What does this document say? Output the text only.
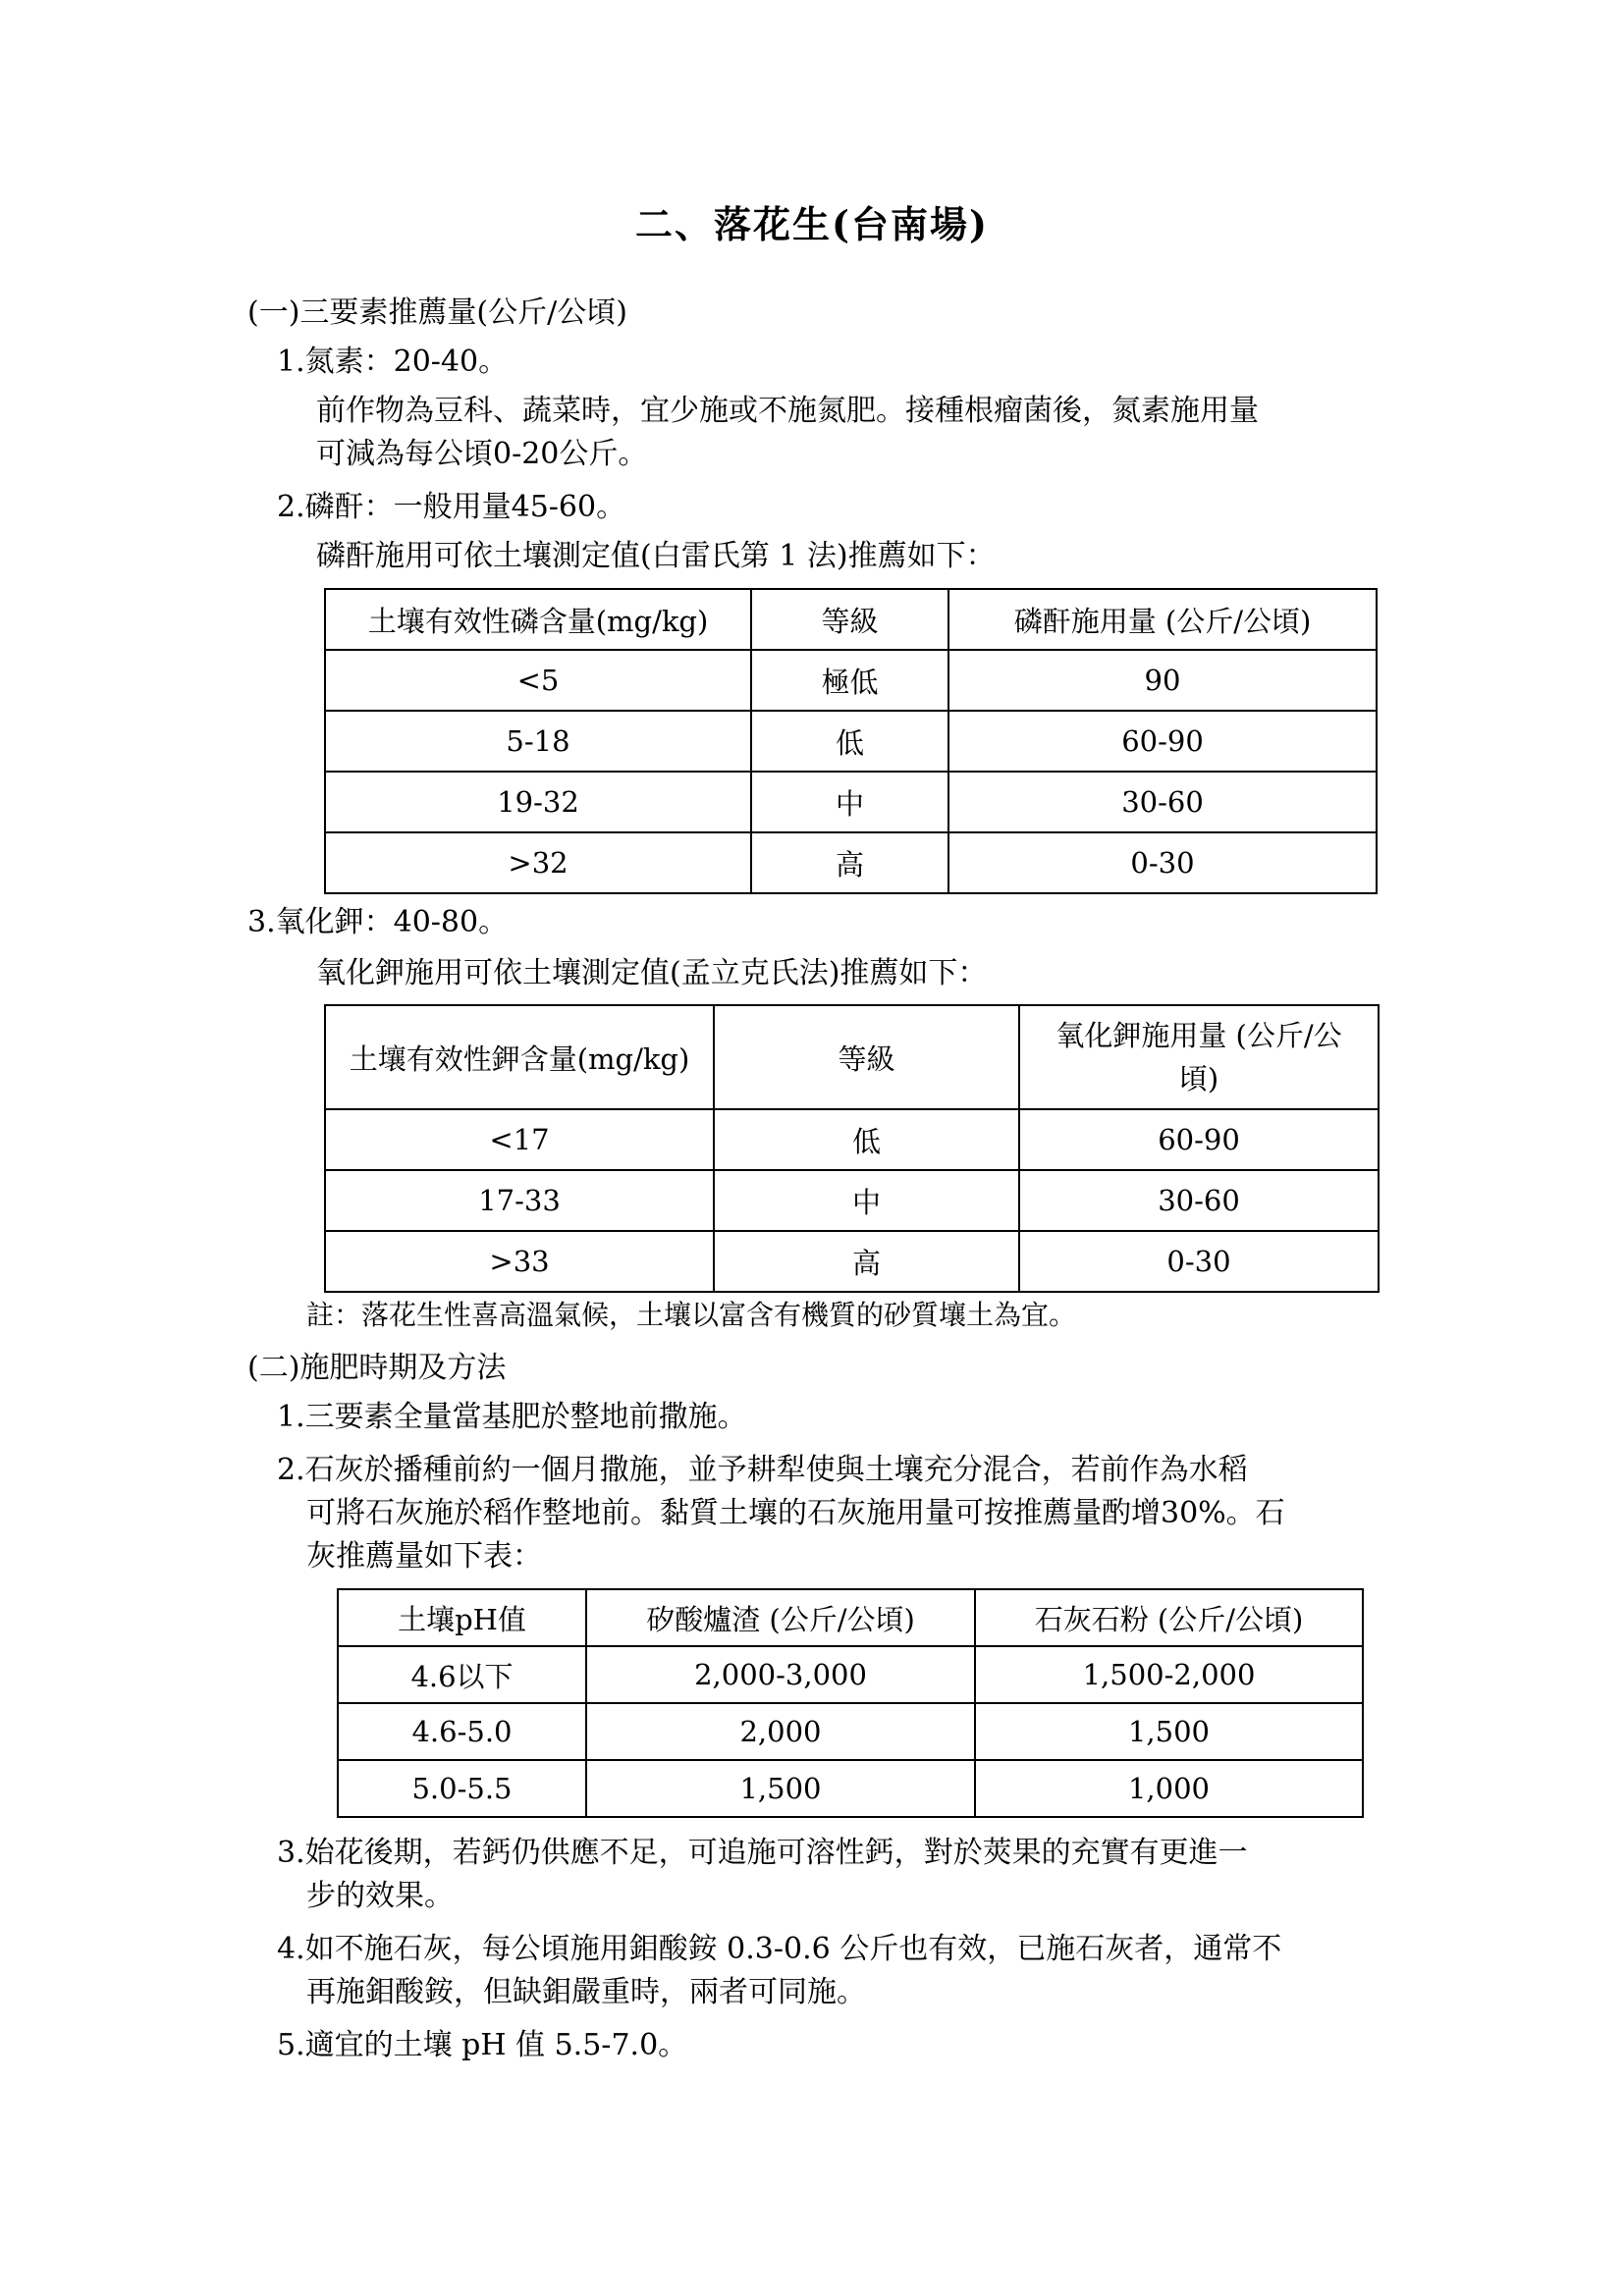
二、落花生(台南場)
(一)三要素推薦量(公斤/公頃)
1.氮素：20-40。
前作物為豆科、蔬菜時，宜少施或不施氮肥。接種根瘤菌後，氮素施用量
可減為每公頃0-20公斤。
2.磷酐：一般用量45-60。
磷酐施用可依土壤測定值(白雷氏第 1 法)推薦如下：
土壤有效性磷含量(mg/kg)	等級	磷酐施用量 (公斤/公頃)
<5	極低	90
5-18	低	60-90
19-32	中	30-60
>32	高	0-30
3.氧化鉀：40-80。
氧化鉀施用可依土壤測定值(孟立克氏法)推薦如下：
土壤有效性鉀含量(mg/kg)	等級	氧化鉀施用量 (公斤/公
頃)

<17	低	60-90
17-33	中	30-60
>33	高	0-30
註：落花生性喜高溫氣候，土壤以富含有機質的砂質壤土為宜。
(二)施肥時期及方法
1.三要素全量當基肥於整地前撒施。
2.石灰於播種前約一個月撒施，並予耕犁使與土壤充分混合，若前作為水稻
可將石灰施於稻作整地前。黏質土壤的石灰施用量可按推薦量酌增30%。石
灰推薦量如下表：
土壤pH值	矽酸爐渣 (公斤/公頃)	石灰石粉 (公斤/公頃)
4.6以下	2,000-3,000	1,500-2,000
4.6-5.0	2,000	1,500
5.0-5.5	1,500	1,000
3.始花後期，若鈣仍供應不足，可追施可溶性鈣，對於莢果的充實有更進一
步的效果。
4.如不施石灰，每公頃施用鉬酸銨 0.3-0.6 公斤也有效，已施石灰者，通常不
再施鉬酸銨，但缺鉬嚴重時，兩者可同施。
5.適宜的土壤 pH 值 5.5-7.0。
